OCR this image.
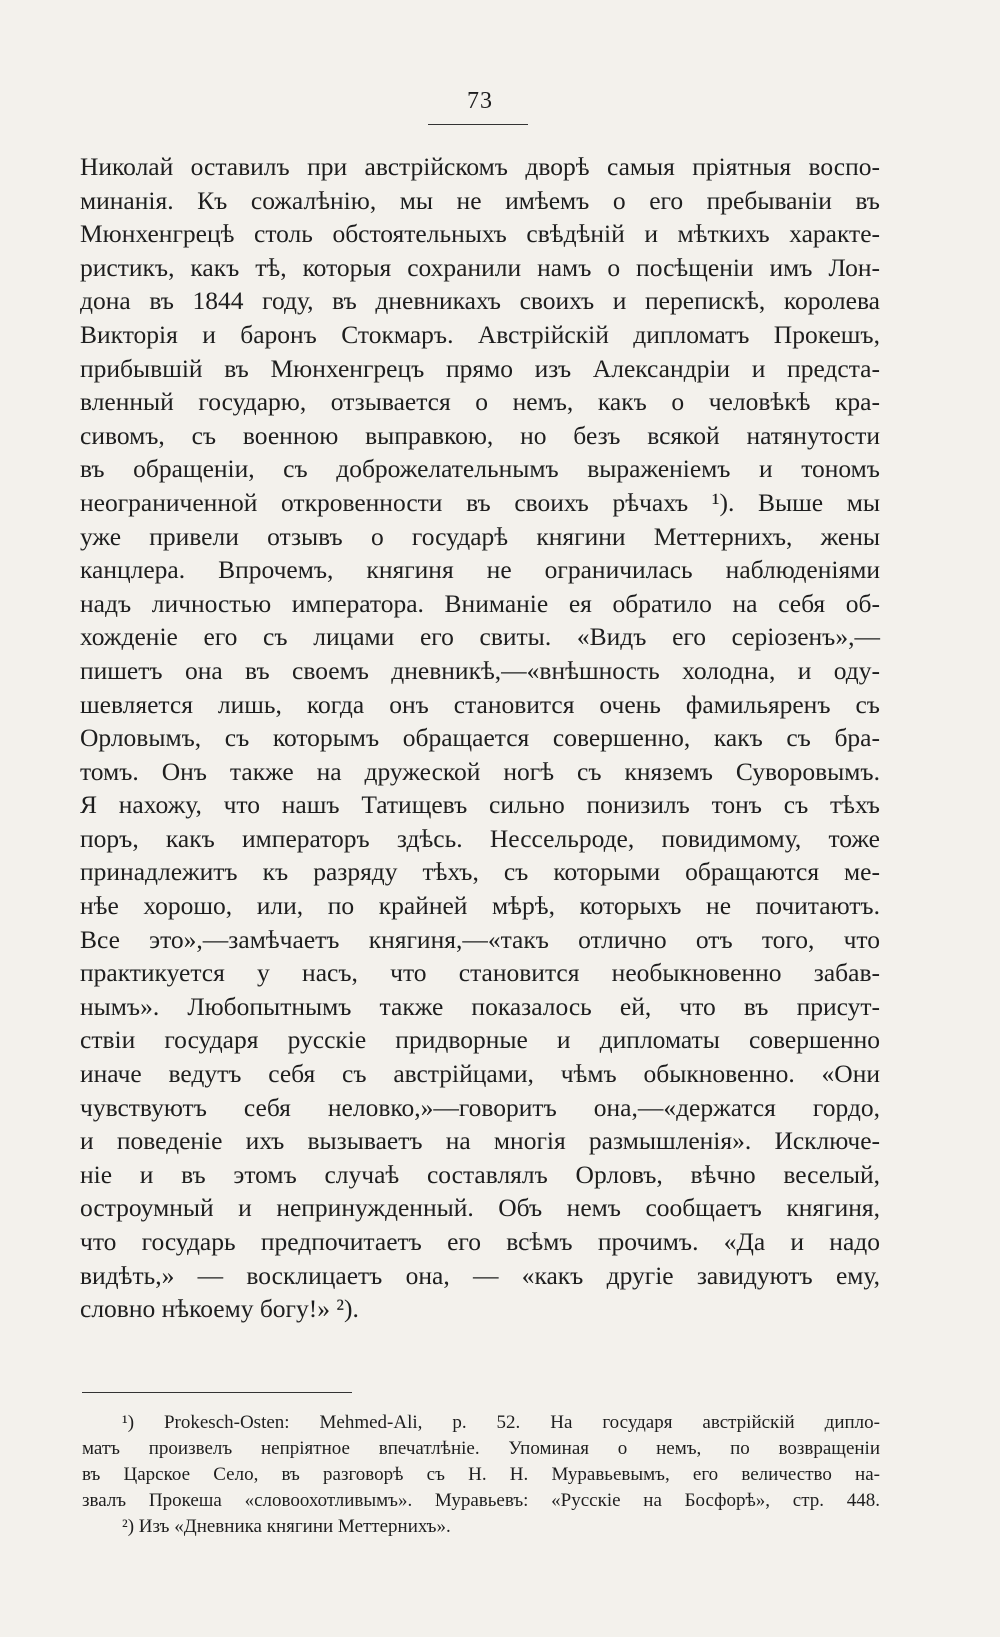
73
Николай оставилъ при австрійскомъ дворѣ самыя пріятныя воспо-
минанія. Къ сожалѣнію, мы не имѣемъ о его пребываніи въ
Мюнхенгрецѣ столь обстоятельныхъ свѣдѣній и мѣткихъ характе-
ристикъ, какъ тѣ, которыя сохранили намъ о посѣщеніи имъ Лон-
дона въ 1844 году, въ дневникахъ своихъ и перепискѣ, королева
Викторія и баронъ Стокмаръ. Австрійскій дипломатъ Прокешъ,
прибывшій въ Мюнхенгрецъ прямо изъ Александріи и предста-
вленный государю, отзывается о немъ, какъ о человѣкѣ кра-
сивомъ, съ военною выправкою, но безъ всякой натянутости
въ обращеніи, съ доброжелательнымъ выраженіемъ и тономъ
неограниченной откровенности въ своихъ рѣчахъ ¹). Выше мы
уже привели отзывъ о государѣ княгини Меттернихъ, жены
канцлера. Впрочемъ, княгиня не ограничилась наблюденіями
надъ личностью императора. Вниманіе ея обратило на себя об-
хожденіе его съ лицами его свиты. «Видъ его серіозенъ»,—
пишетъ она въ своемъ дневникѣ,—«внѣшность холодна, и оду-
шевляется лишь, когда онъ становится очень фамильяренъ съ
Орловымъ, съ которымъ обращается совершенно, какъ съ бра-
томъ. Онъ также на дружеской ногѣ съ княземъ Суворовымъ.
Я нахожу, что нашъ Татищевъ сильно понизилъ тонъ съ тѣхъ
поръ, какъ императоръ здѣсь. Нессельроде, повидимому, тоже
принадлежитъ къ разряду тѣхъ, съ которыми обращаются ме-
нѣе хорошо, или, по крайней мѣрѣ, которыхъ не почитаютъ.
Все это»,—замѣчаетъ княгиня,—«такъ отлично отъ того, что
практикуется у насъ, что становится необыкновенно забав-
нымъ». Любопытнымъ также показалось ей, что въ присут-
ствіи государя русскіе придворные и дипломаты совершенно
иначе ведутъ себя съ австрійцами, чѣмъ обыкновенно. «Они
чувствуютъ себя неловко,»—говоритъ она,—«держатся гордо,
и поведеніе ихъ вызываетъ на многія размышленія». Исключе-
ніе и въ этомъ случаѣ составлялъ Орловъ, вѣчно веселый,
остроумный и непринужденный. Объ немъ сообщаетъ княгиня,
что государь предпочитаетъ его всѣмъ прочимъ. «Да и надо
видѣть,» — восклицаетъ она, — «какъ другіе завидуютъ ему,
словно нѣкоему богу!» ²).
¹) Prokesch-Osten: Mehmed-Ali, p. 52. На государя австрійскій дипло-
матъ произвелъ непріятное впечатлѣніе. Упоминая о немъ, по возвращеніи
въ Царское Село, въ разговорѣ съ Н. Н. Муравьевымъ, его величество на-
звалъ Прокеша «словоохотливымъ». Муравьевъ: «Русскіе на Босфорѣ», стр. 448.
²) Изъ «Дневника княгини Меттернихъ».
